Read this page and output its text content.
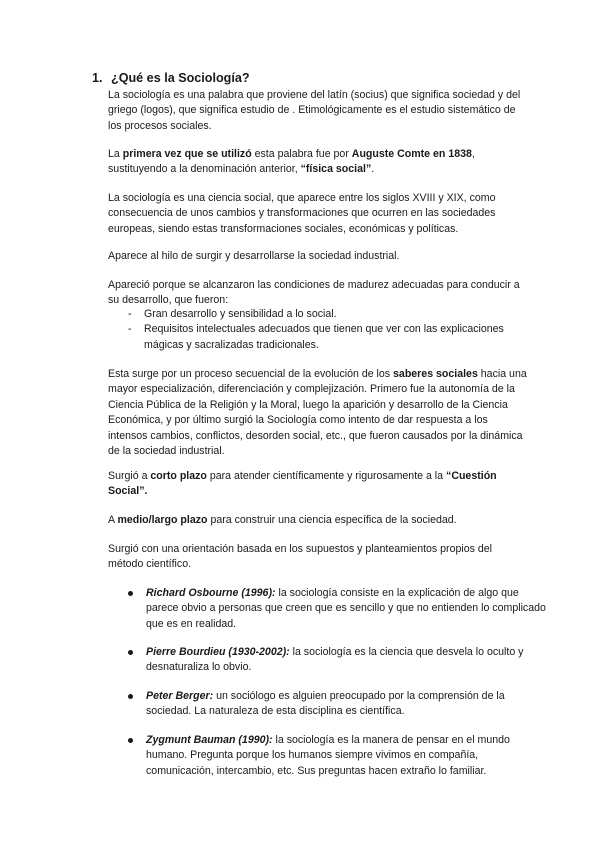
1. ¿Qué es la Sociología?

La sociología es una palabra que proviene del latín (socius) que significa sociedad y del griego (logos), que significa estudio de . Etimológicamente es el estudio sistemático de los procesos sociales.

La primera vez que se utilizó esta palabra fue por Auguste Comte en 1838, sustituyendo a la denominación anterior, “física social”.

La sociología es una ciencia social, que aparece entre los siglos XVIII y XIX, como consecuencia de unos cambios y transformaciones que ocurren en las sociedades europeas, siendo estas transformaciones sociales, económicas y políticas.

Aparece al hilo de surgir y desarrollarse la sociedad industrial.

Apareció porque se alcanzaron las condiciones de madurez adecuadas para conducir a su desarrollo, que fueron:

- Gran desarrollo y sensibilidad a lo social.
- Requisitos intelectuales adecuados que tienen que ver con las explicaciones mágicas y sacralizadas tradicionales.

Esta surge por un proceso secuencial de la evolución de los saberes sociales hacia una mayor especialización, diferenciación y complejización. Primero fue la autonomía de la Ciencia Pública de la Religión y la Moral, luego la aparición y desarrollo de la Ciencia Económica, y por último surgió la Sociología como intento de dar respuesta a los intensos cambios, conflictos, desorden social, etc., que fueron causados por la dinámica de la sociedad industrial.

Surgió a corto plazo para atender científicamente y rigurosamente a la “Cuestión Social”.

A medio/largo plazo para construir una ciencia específica de la sociedad.

Surgió con una orientación basada en los supuestos y planteamientos propios del método científico.

Richard Osbourne (1996): la sociología consiste en la explicación de algo que parece obvio a personas que creen que es sencillo y que no entienden lo complicado que es en realidad.
Pierre Bourdieu (1930-2002): la sociología es la ciencia que desvela lo oculto y desnaturaliza lo obvio.
Peter Berger: un sociólogo es alguien preocupado por la comprensión de la sociedad. La naturaleza de esta disciplina es científica.
Zygmunt Bauman (1990): la sociología es la manera de pensar en el mundo humano. Pregunta porque los humanos siempre vivimos en compañía, comunicación, intercambio, etc. Sus preguntas hacen extraño lo familiar.
